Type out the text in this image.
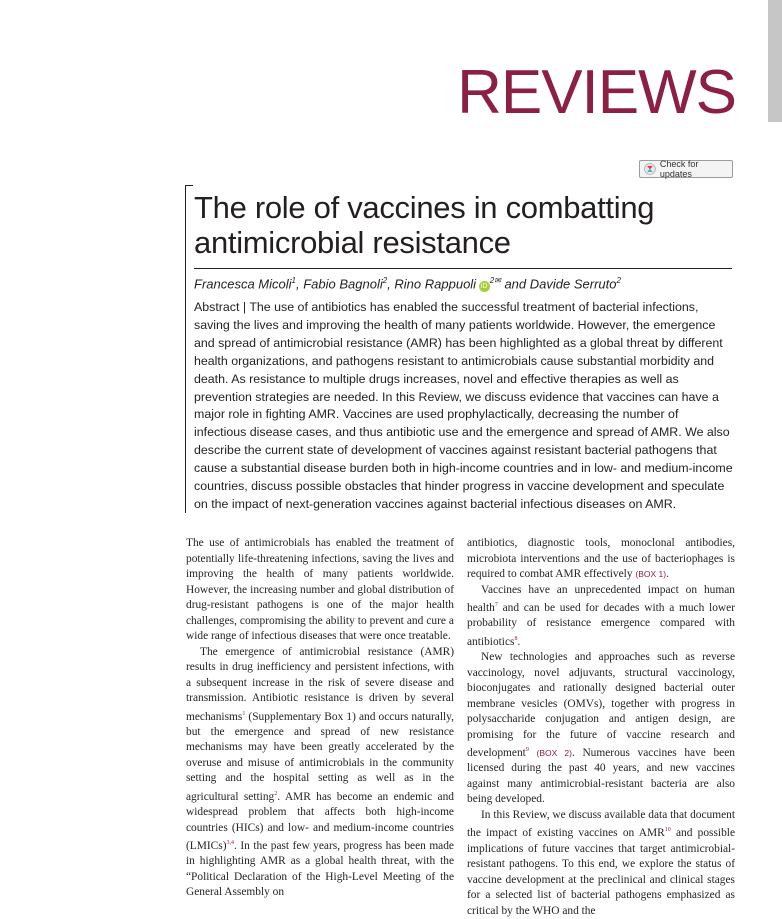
REVIEWS
Check for updates
The role of vaccines in combatting antimicrobial resistance
Francesca Micoli$^1$, Fabio Bagnoli$^2$, Rino Rappuoli  $iD^{2✉}$ and Davide Serruto$^2$
Abstract | The use of antibiotics has enabled the successful treatment of bacterial infections, saving the lives and improving the health of many patients worldwide. However, the emergence and spread of antimicrobial resistance (AMR) has been highlighted as a global threat by different health organizations, and pathogens resistant to antimicrobials cause substantial morbidity and death. As resistance to multiple drugs increases, novel and effective therapies as well as prevention strategies are needed. In this Review, we discuss evidence that vaccines can have a major role in fighting AMR. Vaccines are used prophylactically, decreasing the number of infectious disease cases, and thus antibiotic use and the emergence and spread of AMR. We also describe the current state of development of vaccines against resistant bacterial pathogens that cause a substantial disease burden both in high-income countries and in low- and medium-income countries, discuss possible obstacles that hinder progress in vaccine development and speculate on the impact of next-generation vaccines against bacterial infectious diseases on AMR.

The use of antimicrobials has enabled the treatment of potentially life-threatening infections, saving the lives and improving the health of many patients worldwide. However, the increasing number and global distribution of drug-resistant pathogens is one of the major health challenges, compromising the ability to prevent and cure a wide range of infectious diseases that were once treatable.

The emergence of antimicrobial resistance (AMR) results in drug inefficiency and persistent infections, with a subsequent increase in the risk of severe disease and transmission. Antibiotic resistance is driven by several mechanisms$^1$ (Supplementary Box 1) and occurs naturally, but the emergence and spread of new resistance mechanisms may have been greatly accelerated by the overuse and misuse of antimicrobials in the community setting and the hospital setting as well as in the agricultural setting$^2$. AMR has become an endemic and widespread problem that affects both high-income countries (HICs) and low- and medium-income countries (LMICs)$^{3,4}$. In the past few years, progress has been made in highlighting AMR as a global health threat, with the “Political Declaration of the High-Level Meeting of the General Assembly on

antibiotics, diagnostic tools, monoclonal antibodies, microbiota interventions and the use of bacteriophages is required to combat AMR effectively (BOX 1).

Vaccines have an unprecedented impact on human health$^7$ and can be used for decades with a much lower probability of resistance emergence compared with antibiotics$^8$.

New technologies and approaches such as reverse vaccinology, novel adjuvants, structural vaccinology, bioconjugates and rationally designed bacterial outer membrane vesicles (OMVs), together with progress in polysaccharide conjugation and antigen design, are promising for the future of vaccine research and development$^9$ (BOX 2). Numerous vaccines have been licensed during the past 40 years, and new vaccines against many antimicrobial-resistant bacteria are also being developed.

In this Review, we discuss available data that document the impact of existing vaccines on AMR$^{10}$ and possible implications of future vaccines that target antimicrobial-resistant pathogens. To this end, we explore the status of vaccine development at the preclinical and clinical stages for a selected list of bacterial pathogens emphasized as critical by the WHO and the
